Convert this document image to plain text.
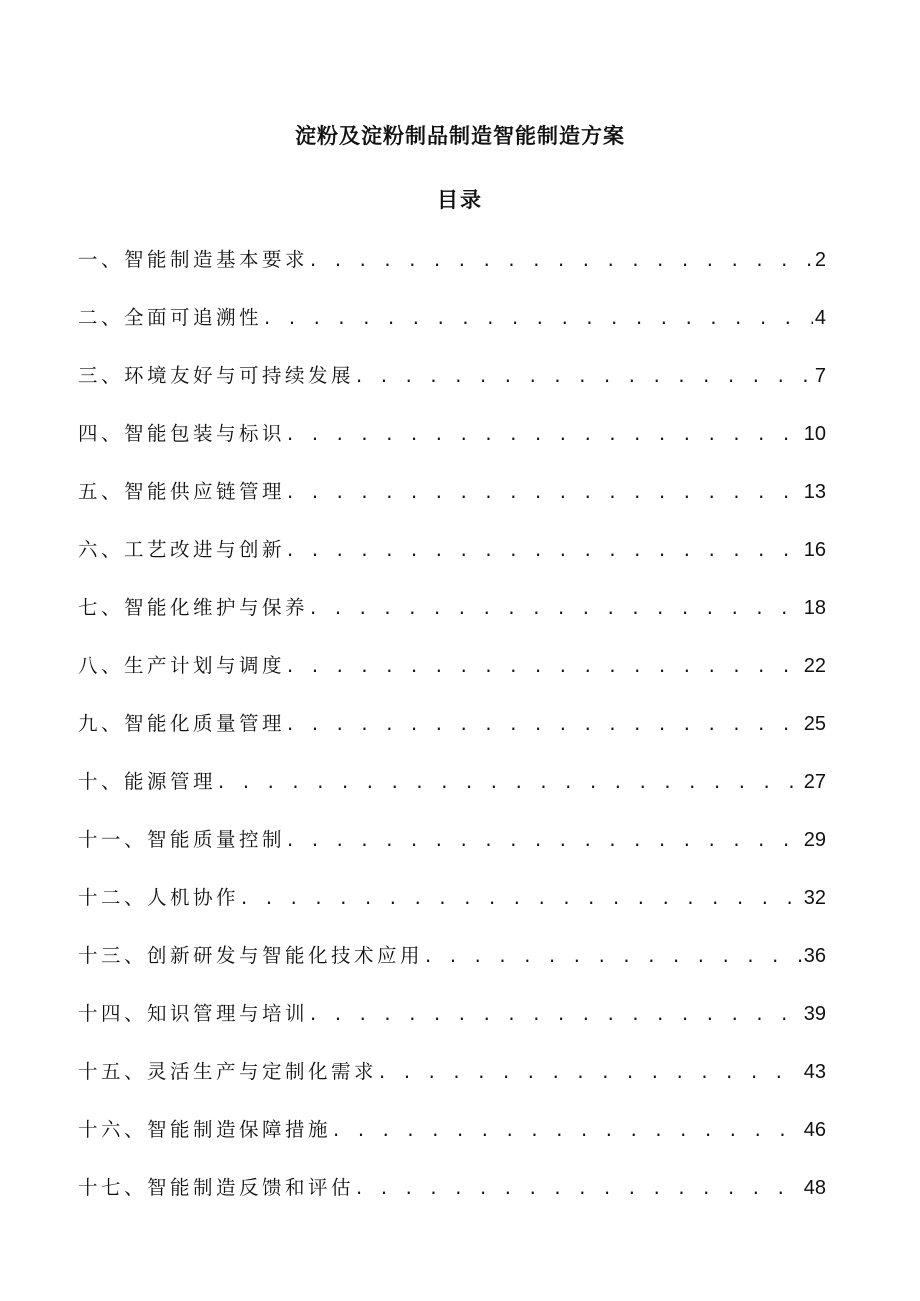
淀粉及淀粉制品制造智能制造方案
目录
一、智能制造基本要求 . . .	2
二、全面可追溯性 . . .	4
三、环境友好与可持续发展 . . .	7
四、智能包装与标识 . . .	10
五、智能供应链管理 . . .	13
六、工艺改进与创新 . . .	16
七、智能化维护与保养 . . .	18
八、生产计划与调度 . . .	22
九、智能化质量管理 . . .	25
十、能源管理 . . .	27
十一、智能质量控制 . . .	29
十二、人机协作 . . .	32
十三、创新研发与智能化技术应用 . . .	36
十四、知识管理与培训 . . .	39
十五、灵活生产与定制化需求 . . .	43
十六、智能制造保障措施 . . .	46
十七、智能制造反馈和评估 . . .	48
